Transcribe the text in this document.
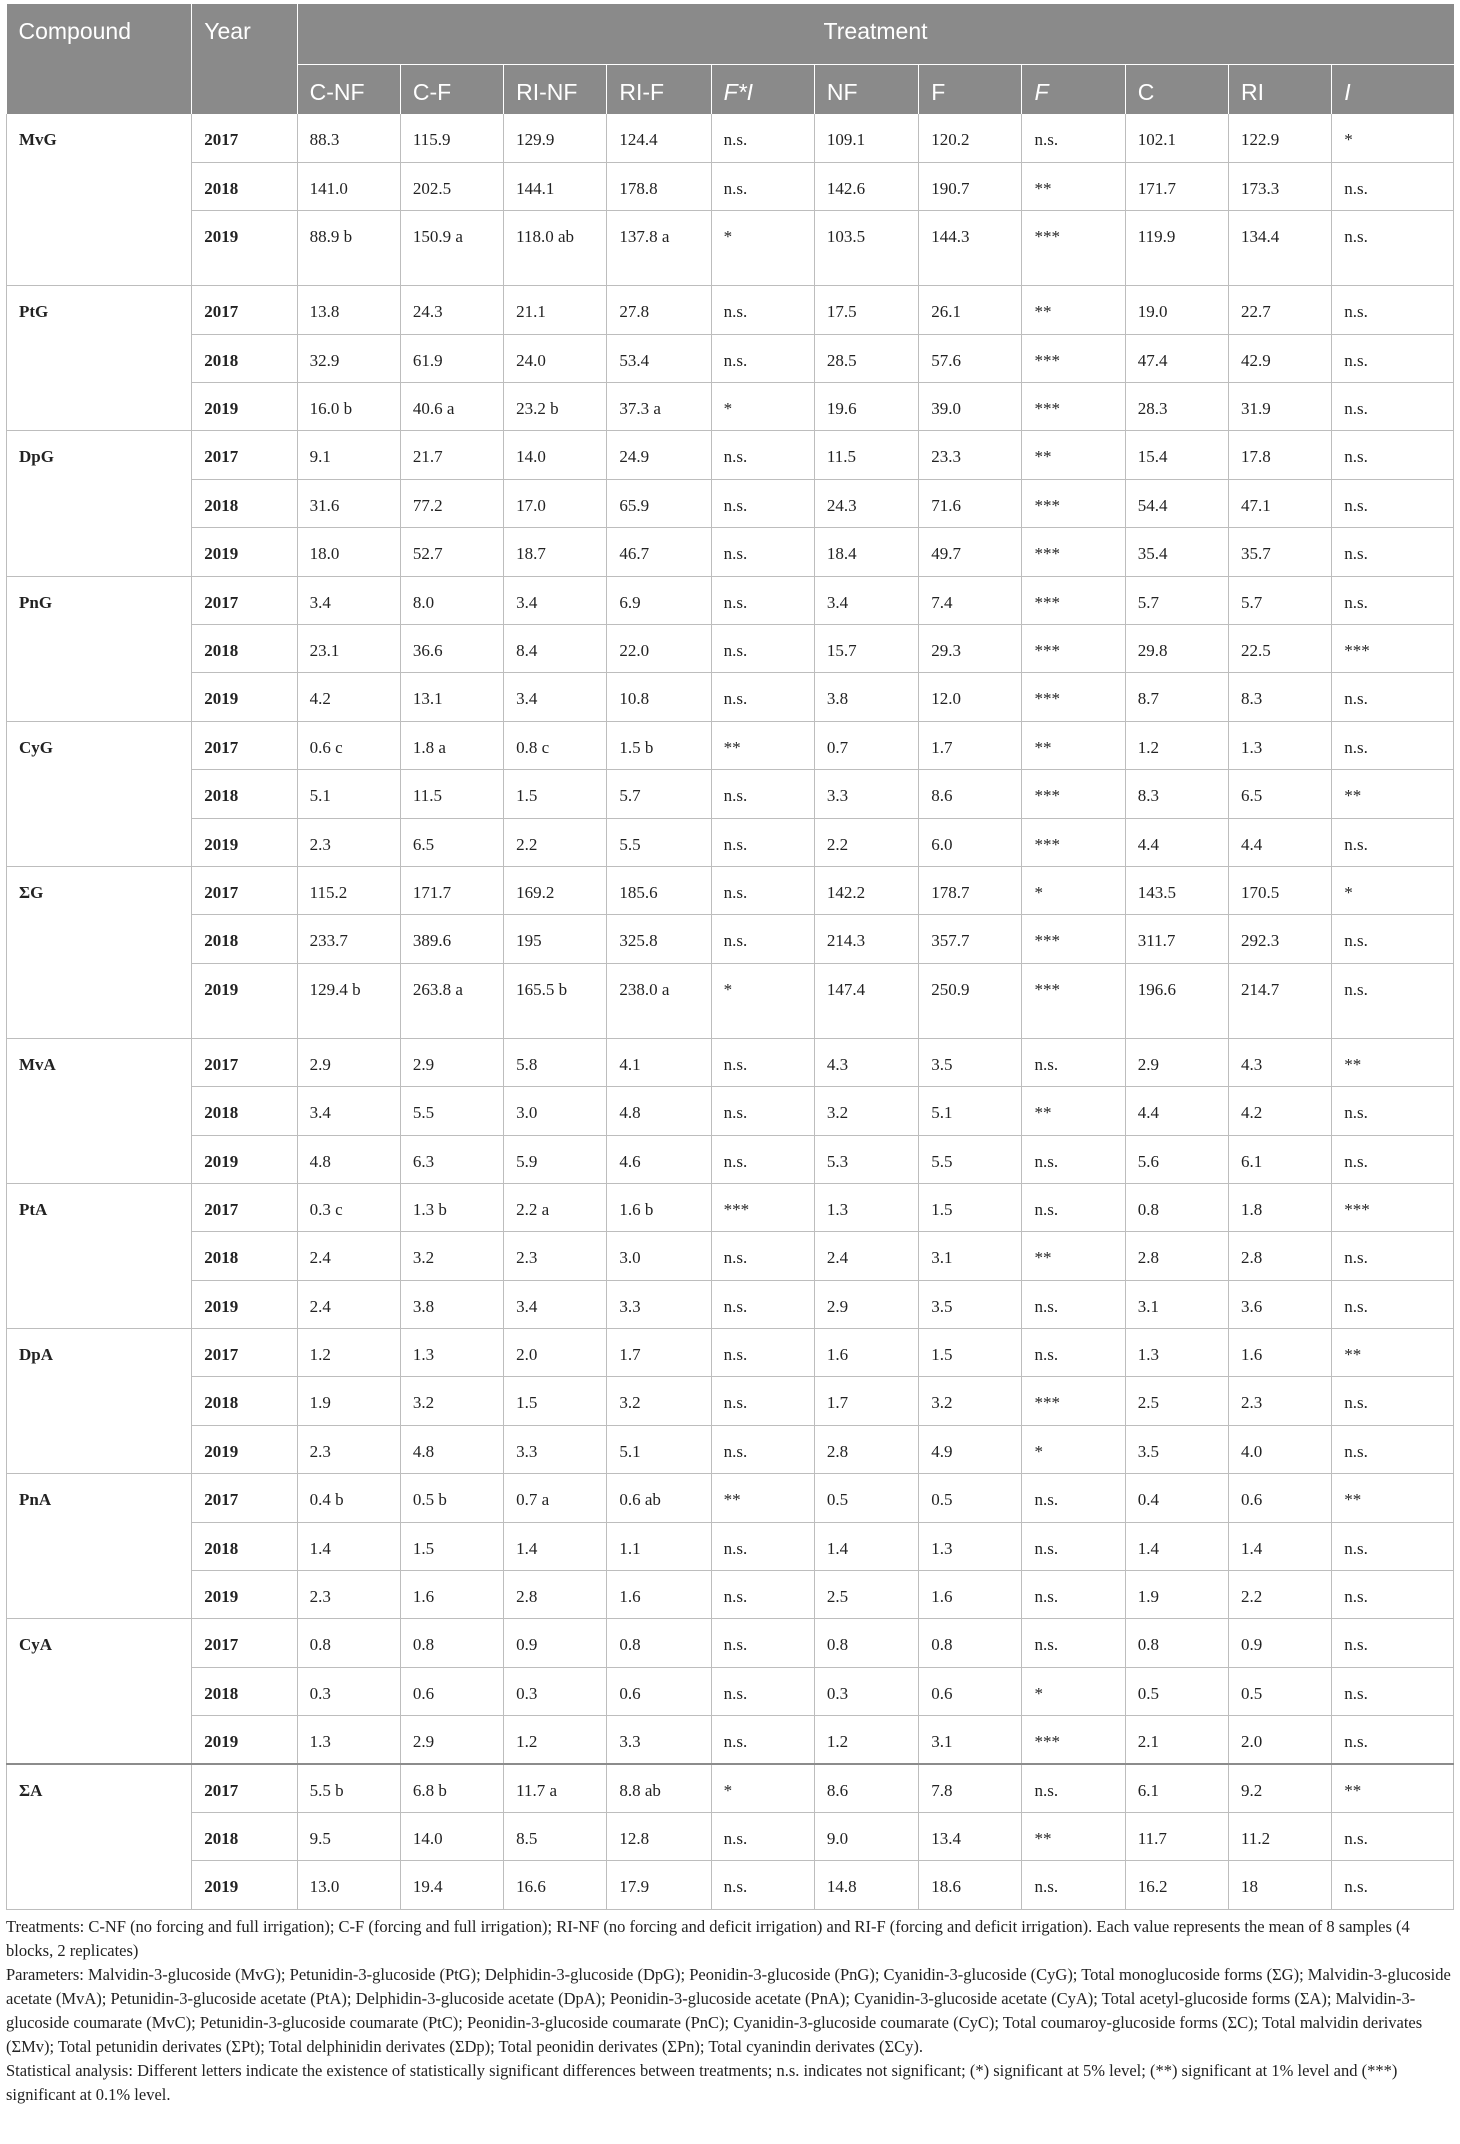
Compound	Year	Treatment										
		C-NF	C-F	RI-NF	RI-F	F*I	NF	F	F	C	RI	I
MvG	2017	88.3	115.9	129.9	124.4	n.s.	109.1	120.2	n.s.	102.1	122.9	*
	2018	141.0	202.5	144.1	178.8	n.s.	142.6	190.7	**	171.7	173.3	n.s.
	2019	88.9 b	150.9 a	118.0 ab	137.8 a	*	103.5	144.3	***	119.9	134.4	n.s.
PtG	2017	13.8	24.3	21.1	27.8	n.s.	17.5	26.1	**	19.0	22.7	n.s.
	2018	32.9	61.9	24.0	53.4	n.s.	28.5	57.6	***	47.4	42.9	n.s.
	2019	16.0 b	40.6 a	23.2 b	37.3 a	*	19.6	39.0	***	28.3	31.9	n.s.
DpG	2017	9.1	21.7	14.0	24.9	n.s.	11.5	23.3	**	15.4	17.8	n.s.
	2018	31.6	77.2	17.0	65.9	n.s.	24.3	71.6	***	54.4	47.1	n.s.
	2019	18.0	52.7	18.7	46.7	n.s.	18.4	49.7	***	35.4	35.7	n.s.
PnG	2017	3.4	8.0	3.4	6.9	n.s.	3.4	7.4	***	5.7	5.7	n.s.
	2018	23.1	36.6	8.4	22.0	n.s.	15.7	29.3	***	29.8	22.5	***
	2019	4.2	13.1	3.4	10.8	n.s.	3.8	12.0	***	8.7	8.3	n.s.
CyG	2017	0.6 c	1.8 a	0.8 c	1.5 b	**	0.7	1.7	**	1.2	1.3	n.s.
	2018	5.1	11.5	1.5	5.7	n.s.	3.3	8.6	***	8.3	6.5	**
	2019	2.3	6.5	2.2	5.5	n.s.	2.2	6.0	***	4.4	4.4	n.s.
ΣG	2017	115.2	171.7	169.2	185.6	n.s.	142.2	178.7	*	143.5	170.5	*
	2018	233.7	389.6	195	325.8	n.s.	214.3	357.7	***	311.7	292.3	n.s.
	2019	129.4 b	263.8 a	165.5 b	238.0 a	*	147.4	250.9	***	196.6	214.7	n.s.
MvA	2017	2.9	2.9	5.8	4.1	n.s.	4.3	3.5	n.s.	2.9	4.3	**
	2018	3.4	5.5	3.0	4.8	n.s.	3.2	5.1	**	4.4	4.2	n.s.
	2019	4.8	6.3	5.9	4.6	n.s.	5.3	5.5	n.s.	5.6	6.1	n.s.
PtA	2017	0.3 c	1.3 b	2.2 a	1.6 b	***	1.3	1.5	n.s.	0.8	1.8	***
	2018	2.4	3.2	2.3	3.0	n.s.	2.4	3.1	**	2.8	2.8	n.s.
	2019	2.4	3.8	3.4	3.3	n.s.	2.9	3.5	n.s.	3.1	3.6	n.s.
DpA	2017	1.2	1.3	2.0	1.7	n.s.	1.6	1.5	n.s.	1.3	1.6	**
	2018	1.9	3.2	1.5	3.2	n.s.	1.7	3.2	***	2.5	2.3	n.s.
	2019	2.3	4.8	3.3	5.1	n.s.	2.8	4.9	*	3.5	4.0	n.s.
PnA	2017	0.4 b	0.5 b	0.7 a	0.6 ab	**	0.5	0.5	n.s.	0.4	0.6	**
	2018	1.4	1.5	1.4	1.1	n.s.	1.4	1.3	n.s.	1.4	1.4	n.s.
	2019	2.3	1.6	2.8	1.6	n.s.	2.5	1.6	n.s.	1.9	2.2	n.s.
CyA	2017	0.8	0.8	0.9	0.8	n.s.	0.8	0.8	n.s.	0.8	0.9	n.s.
	2018	0.3	0.6	0.3	0.6	n.s.	0.3	0.6	*	0.5	0.5	n.s.
	2019	1.3	2.9	1.2	3.3	n.s.	1.2	3.1	***	2.1	2.0	n.s.
ΣA	2017	5.5 b	6.8 b	11.7 a	8.8 ab	*	8.6	7.8	n.s.	6.1	9.2	**
	2018	9.5	14.0	8.5	12.8	n.s.	9.0	13.4	**	11.7	11.2	n.s.
	2019	13.0	19.4	16.6	17.9	n.s.	14.8	18.6	n.s.	16.2	18	n.s.

Treatments: C-NF (no forcing and full irrigation); C-F (forcing and full irrigation); RI-NF (no forcing and deficit irrigation) and RI-F (forcing and deficit irrigation). Each value represents the mean of 8 samples (4 blocks, 2 replicates)

Parameters: Malvidin-3-glucoside (MvG); Petunidin-3-glucoside (PtG); Delphidin-3-glucoside (DpG); Peonidin-3-glucoside (PnG); Cyanidin-3-glucoside (CyG); Total monoglucoside forms (ΣG); Malvidin-3-glucoside acetate (MvA); Petunidin-3-glucoside acetate (PtA); Delphidin-3-glucoside acetate (DpA); Peonidin-3-glucoside acetate (PnA); Cyanidin-3-glucoside acetate (CyA); Total acetyl-glucoside forms (ΣA); Malvidin-3-glucoside coumarate (MvC); Petunidin-3-glucoside coumarate (PtC); Peonidin-3-glucoside coumarate (PnC); Cyanidin-3-glucoside coumarate (CyC); Total coumaroy-glucoside forms (ΣC); Total malvidin derivates (ΣMv); Total petunidin derivates (ΣPt); Total delphinidin derivates (ΣDp); Total peonidin derivates (ΣPn); Total cyanindin derivates (ΣCy).

Statistical analysis: Different letters indicate the existence of statistically significant differences between treatments; n.s. indicates not significant; (*) significant at 5% level; (**) significant at 1% level and (***) significant at 0.1% level.
